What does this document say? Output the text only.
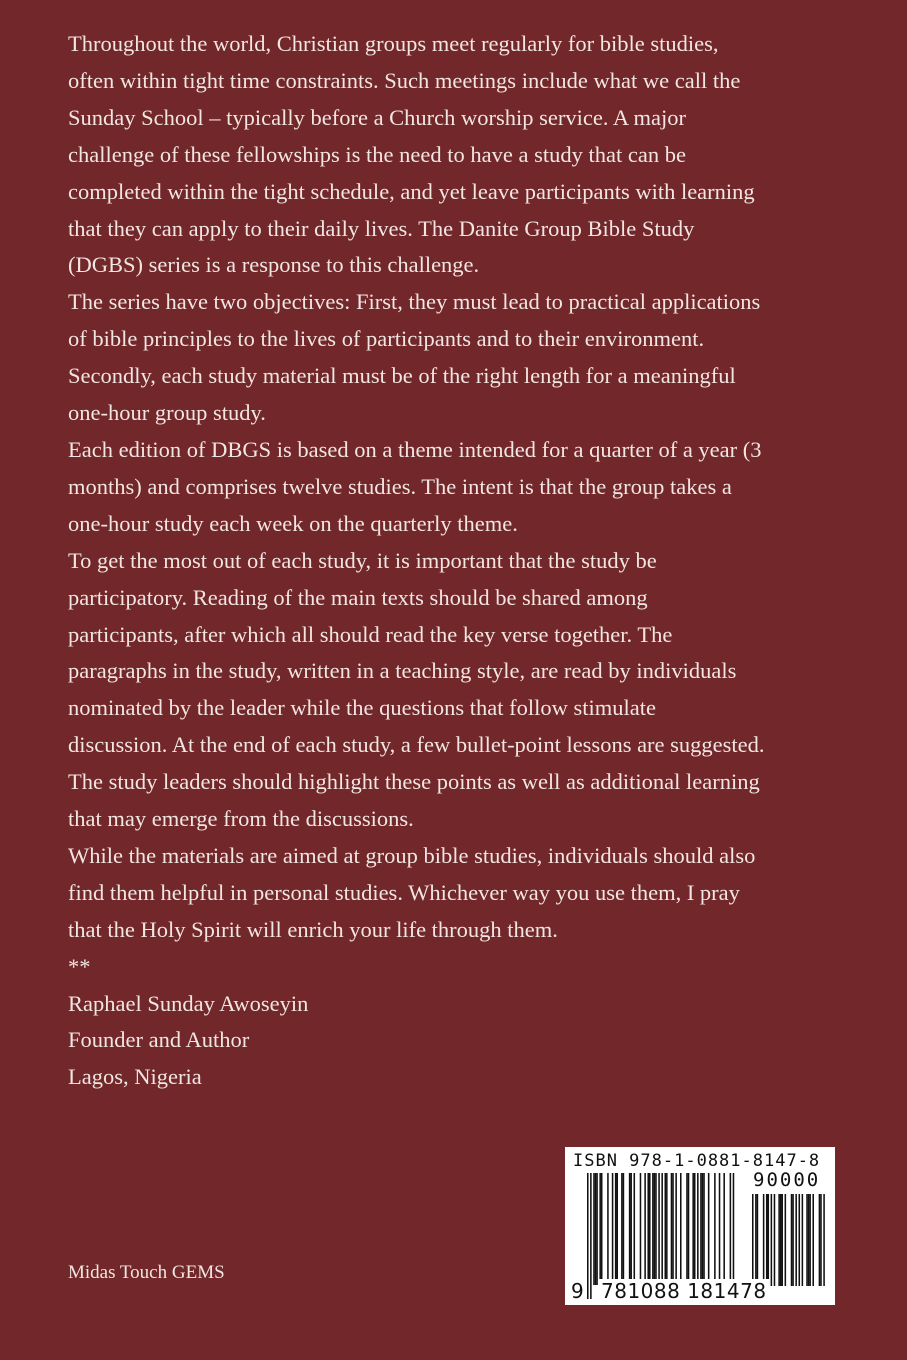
Throughout the world, Christian groups meet regularly for bible studies,
often within tight time constraints. Such meetings include what we call the
Sunday School – typically before a Church worship service. A major
challenge of these fellowships is the need to have a study that can be
completed within the tight schedule, and yet leave participants with learning
that they can apply to their daily lives. The Danite Group Bible Study
(DGBS) series is a response to this challenge.
The series have two objectives: First, they must lead to practical applications
of bible principles to the lives of participants and to their environment.
Secondly, each study material must be of the right length for a meaningful
one-hour group study.
Each edition of DBGS is based on a theme intended for a quarter of a year (3
months) and comprises twelve studies. The intent is that the group takes a
one-hour study each week on the quarterly theme.
To get the most out of each study, it is important that the study be
participatory. Reading of the main texts should be shared among
participants, after which all should read the key verse together. The
paragraphs in the study, written in a teaching style, are read by individuals
nominated by the leader while the questions that follow stimulate
discussion. At the end of each study, a few bullet-point lessons are suggested.
The study leaders should highlight these points as well as additional learning
that may emerge from the discussions.
While the materials are aimed at group bible studies, individuals should also
find them helpful in personal studies. Whichever way you use them, I pray
that the Holy Spirit will enrich your life through them.
**
Raphael Sunday Awoseyin
Founder and Author
Lagos, Nigeria
Midas Touch GEMS
ISBN 978-1-0881-8147-8
90000
9 781088 181478
